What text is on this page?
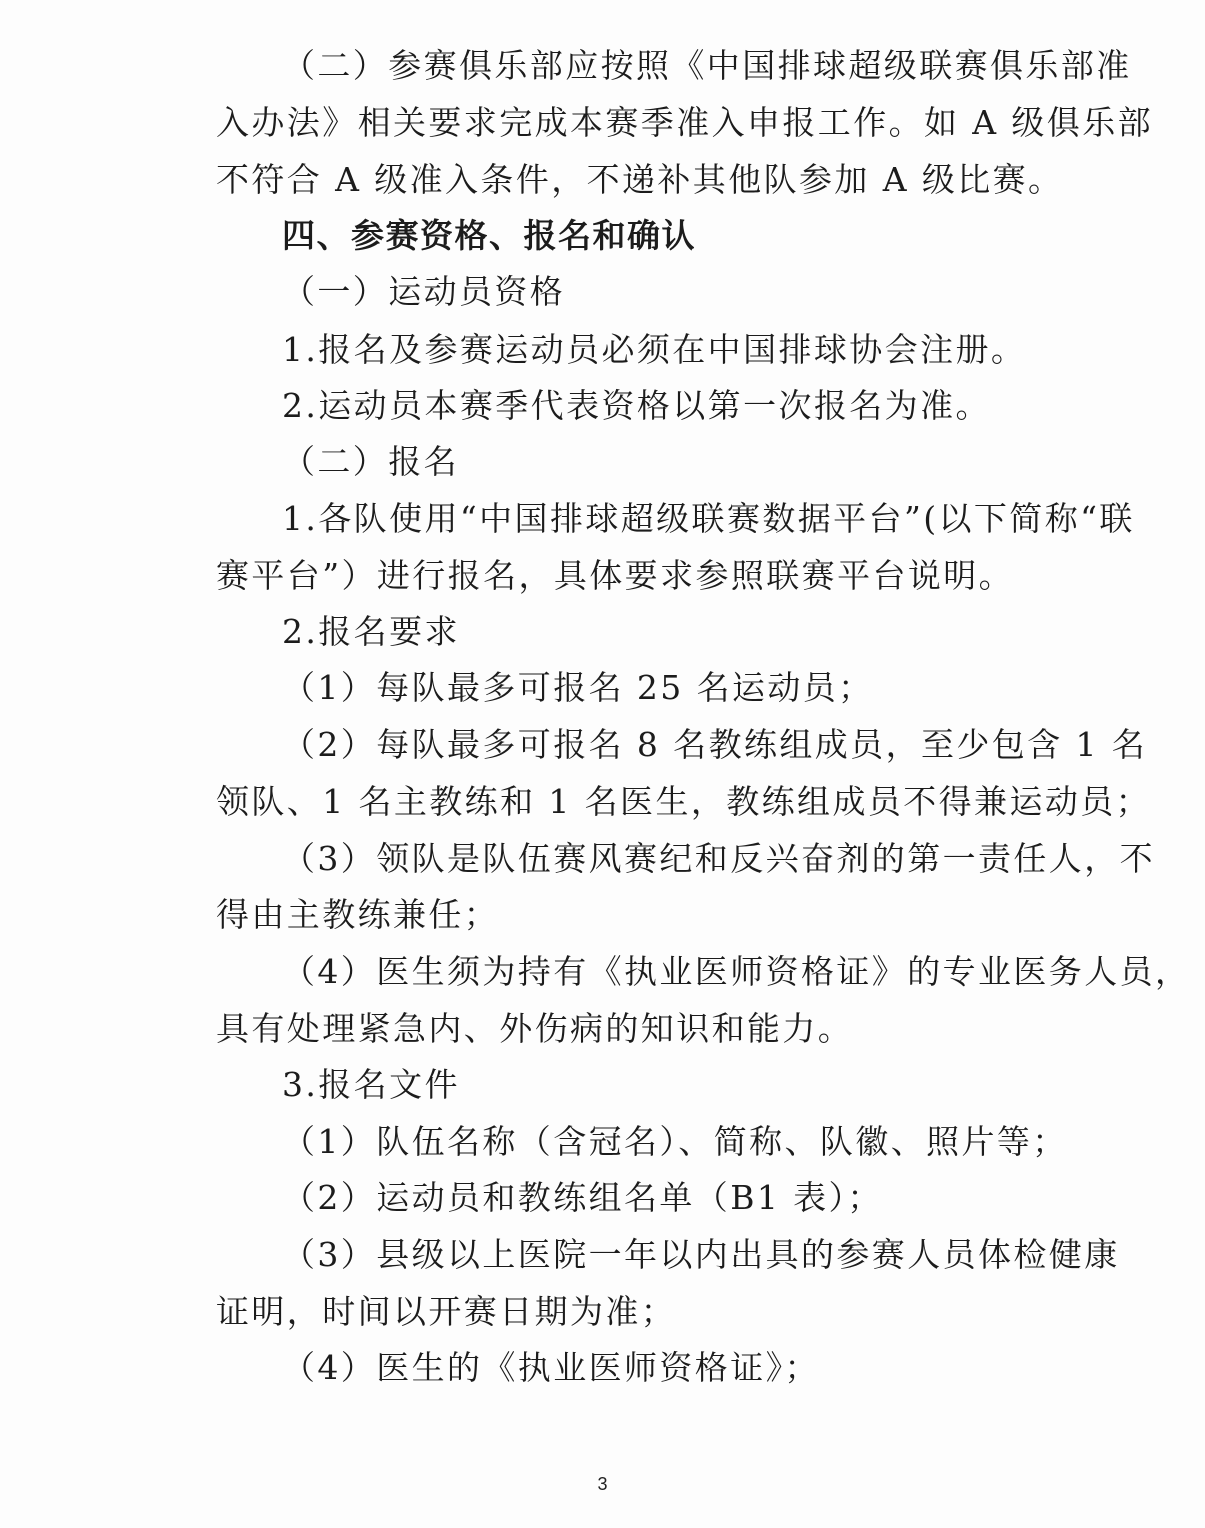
（二）参赛俱乐部应按照《中国排球超级联赛俱乐部准
入办法》相关要求完成本赛季准入申报工作。如 A 级俱乐部
不符合 A 级准入条件，不递补其他队参加 A 级比赛。
四、参赛资格、报名和确认
（一）运动员资格
1.报名及参赛运动员必须在中国排球协会注册。
2.运动员本赛季代表资格以第一次报名为准。
（二）报名
1.各队使用“中国排球超级联赛数据平台”(以下简称“联
赛平台”）进行报名，具体要求参照联赛平台说明。
2.报名要求
（1）每队最多可报名 25 名运动员；
（2）每队最多可报名 8 名教练组成员，至少包含 1 名
领队、1 名主教练和 1 名医生，教练组成员不得兼运动员；
（3）领队是队伍赛风赛纪和反兴奋剂的第一责任人，不
得由主教练兼任；
（4）医生须为持有《执业医师资格证》的专业医务人员，
具有处理紧急内、外伤病的知识和能力。
3.报名文件
（1）队伍名称（含冠名）、简称、队徽、照片等；
（2）运动员和教练组名单（B1 表）；
（3）县级以上医院一年以内出具的参赛人员体检健康
证明，时间以开赛日期为准；
（4）医生的《执业医师资格证》；
3
